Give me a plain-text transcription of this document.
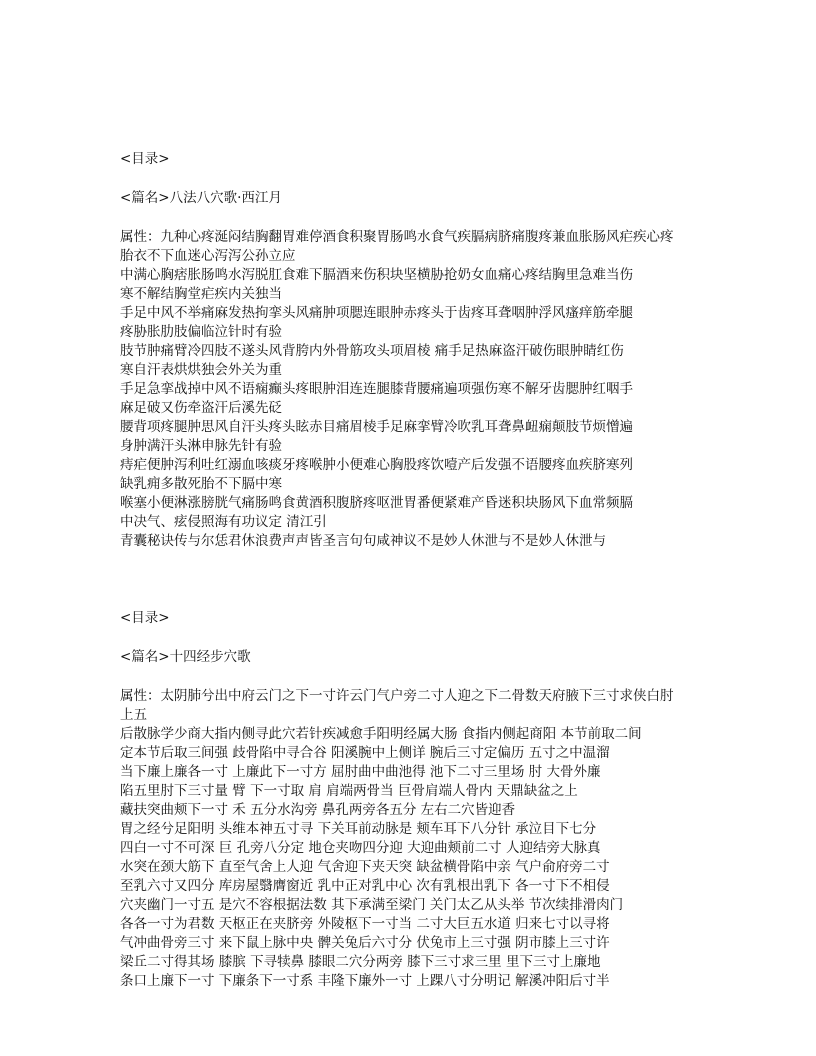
<目录>
<篇名>八法八穴歌·西江月
属性：九种心疼涎闷结胸翻胃难停酒食积聚胃肠鸣水食气疾膈病脐痛腹疼兼血胀肠风疟疾心疼
胎衣不下血迷心泻泻公孙立应
中满心胸痞胀肠鸣水泻脱肛食难下膈酒来伤积块坚横胁抢奶女血痛心疼结胸里急难当伤
寒不解结胸堂疟疾内关独当
手足中风不举痛麻发热拘挛头风痛肿项腮连眼肿赤疼头于齿疼耳聋咽肿浮风瘙痒筋牵腿
疼胁胀肋肢偏临泣针时有验
肢节肿痛臂冷四肢不遂头风背胯内外骨筋攻头项眉棱 痛手足热麻盗汗破伤眼肿睛红伤
寒自汗表烘烘独会外关为重
手足急挛战掉中风不语痫癫头疼眼肿泪连连腿膝背腰痛遍项强伤寒不解牙齿腮肿红咽手
麻足破又伤牵盗汗后溪先砭
腰背项疼腿肿思风自汗头疼头眩赤目痛眉棱手足麻挛臂冷吹乳耳聋鼻衄痫颠肢节烦憎遍
身肿满汗头淋申脉先针有验
痔疟便肿泻利吐红溺血咳痰牙疼喉肿小便难心胸股疼饮噎产后发强不语腰疼血疾脐寒列
缺乳痈多散死胎不下膈中寒
喉塞小便淋涨膀胱气痛肠鸣食黄酒积腹脐疼呕泄胃番便紧难产昏迷积块肠风下血常频膈
中决气、痃侵照海有功议定 清江引
青囊秘诀传与尔恁君休浪费声声皆圣言句句咸神议不是妙人休泄与不是妙人休泄与
<目录>
<篇名>十四经步穴歌
属性：太阴肺兮出中府云门之下一寸许云门气户旁二寸人迎之下二骨数天府腋下三寸求侠白肘
上五
后散脉学少商大指内侧寻此穴若针疾减愈手阳明经属大肠 食指内侧起商阳 本节前取二间
定本节后取三间强 歧骨陷中寻合谷 阳溪腕中上侧详 腕后三寸定偏历 五寸之中温溜
当下廉上廉各一寸 上廉此下一寸方 屈肘曲中曲池得 池下二寸三里场 肘 大骨外廉
陷五里肘下三寸量 臂 下一寸取 肩 肩端两骨当 巨骨肩端人骨内 天鼎缺盆之上
藏扶突曲颊下一寸 禾 五分水沟旁 鼻孔两旁各五分 左右二穴皆迎香
胃之经兮足阳明 头维本神五寸寻 下关耳前动脉是 颊车耳下八分针 承泣目下七分
四白一寸不可深 巨 孔旁八分定 地仓夹吻四分迎 大迎曲颊前二寸 人迎结旁大脉真
水突在颈大筋下 直至气舍上人迎 气舍迎下夹天突 缺盆横骨陷中亲 气户俞府旁二寸
至乳六寸又四分 库房屋翳膺窗近 乳中正对乳中心 次有乳根出乳下 各一寸下不相侵
穴夹幽门一寸五 是穴不容根据法数 其下承满至梁门 关门太乙从头举 节次续排滑肉门
各各一寸为君数 天枢正在夹脐旁 外陵枢下一寸当 二寸大巨五水道 归来七寸以寻将
气冲曲骨旁三寸 来下鼠上脉中央 髀关兔后六寸分 伏兔市上三寸强 阴市膝上三寸许
梁丘二寸得其场 膝膑 下寻犊鼻 膝眼二穴分两旁 膝下三寸求三里 里下三寸上廉地
条口上廉下一寸 下廉条下一寸系 丰隆下廉外一寸 上踝八寸分明记 解溪冲阳后寸半
